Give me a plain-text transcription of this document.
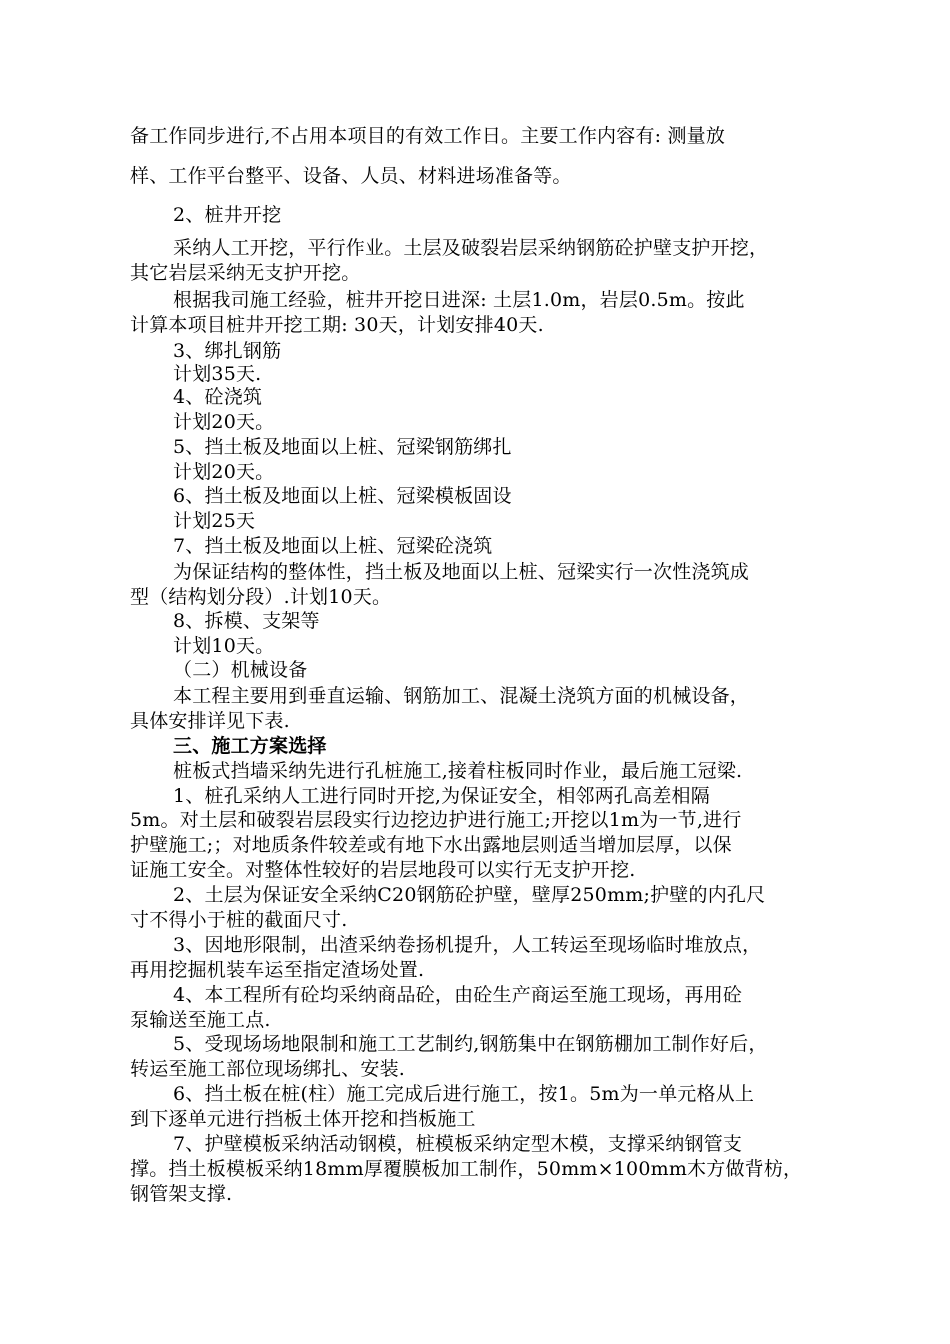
备工作同步进行,不占用本项目的有效工作日。主要工作内容有: 测量放
样、工作平台整平、设备、人员、材料进场准备等。
2、桩井开挖
采纳人工开挖，平行作业。土层及破裂岩层采纳钢筋砼护壁支护开挖，
其它岩层采纳无支护开挖。
根据我司施工经验，桩井开挖日进深: 土层1.0m，岩层0.5m。按此
计算本项目桩井开挖工期: 30天，计划安排40天.
3、绑扎钢筋
计划35天.
4、砼浇筑
计划20天。
5、挡土板及地面以上桩、冠梁钢筋绑扎
计划20天。
6、挡土板及地面以上桩、冠梁模板固设
计划25天
7、挡土板及地面以上桩、冠梁砼浇筑
为保证结构的整体性，挡土板及地面以上桩、冠梁实行一次性浇筑成
型（结构划分段）.计划10天。
8、拆模、支架等
计划10天。
（二）机械设备
本工程主要用到垂直运输、钢筋加工、混凝土浇筑方面的机械设备，
具体安排详见下表.
三、施工方案选择
桩板式挡墙采纳先进行孔桩施工,接着柱板同时作业，最后施工冠梁.
1、桩孔采纳人工进行同时开挖,为保证安全，相邻两孔高差相隔
5m。对土层和破裂岩层段实行边挖边护进行施工;开挖以1m为一节,进行
护壁施工;；对地质条件较差或有地下水出露地层则适当增加层厚，以保
证施工安全。对整体性较好的岩层地段可以实行无支护开挖.
2、土层为保证安全采纳C20钢筋砼护壁，壁厚250mm;护壁的内孔尺
寸不得小于桩的截面尺寸.
3、因地形限制，出渣采纳卷扬机提升，人工转运至现场临时堆放点，
再用挖掘机装车运至指定渣场处置.
4、本工程所有砼均采纳商品砼，由砼生产商运至施工现场，再用砼
泵输送至施工点.
5、受现场场地限制和施工工艺制约,钢筋集中在钢筋棚加工制作好后，
转运至施工部位现场绑扎、安装.
6、挡土板在桩(柱）施工完成后进行施工，按1。5m为一单元格从上
到下逐单元进行挡板土体开挖和挡板施工
7、护壁模板采纳活动钢模，桩模板采纳定型木模，支撑采纳钢管支
撑。挡土板模板采纳18mm厚覆膜板加工制作，50mm×100mm木方做背枋，
钢管架支撑.
